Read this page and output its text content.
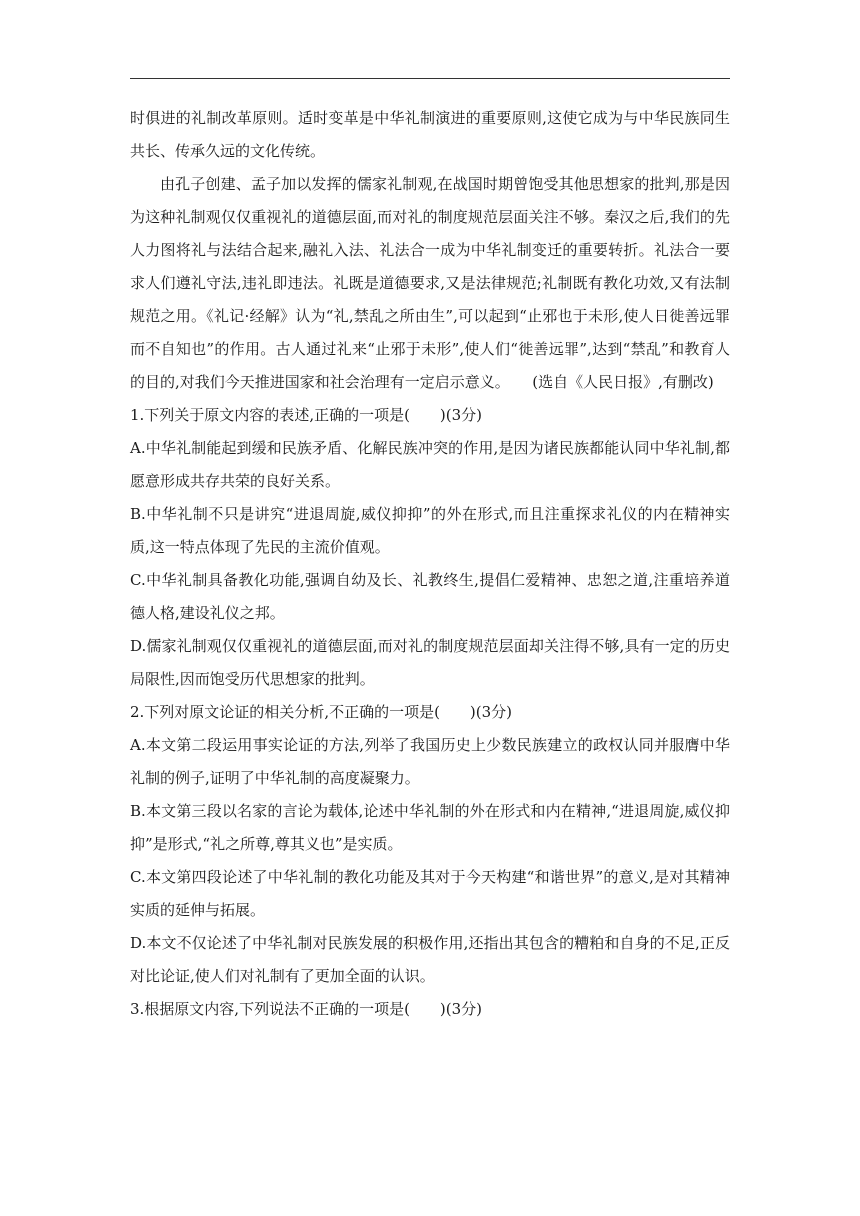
时俱进的礼制改革原则。适时变革是中华礼制演进的重要原则,这使它成为与中华民族同生共长、传承久远的文化传统。

由孔子创建、孟子加以发挥的儒家礼制观,在战国时期曾饱受其他思想家的批判,那是因为这种礼制观仅仅重视礼的道德层面,而对礼的制度规范层面关注不够。秦汉之后,我们的先人力图将礼与法结合起来,融礼入法、礼法合一成为中华礼制变迁的重要转折。礼法合一要求人们遵礼守法,违礼即违法。礼既是道德要求,又是法律规范;礼制既有教化功效,又有法制规范之用。《礼记·经解》认为“礼,禁乱之所由生”,可以起到“止邪也于未形,使人日徙善远罪而不自知也”的作用。古人通过礼来“止邪于未形”,使人们“徙善远罪”,达到“禁乱”和教育人的目的,对我们今天推进国家和社会治理有一定启示意义。　　(选自《人民日报》,有删改)

1.下列关于原文内容的表述,正确的一项是(　　)(3分)

A.中华礼制能起到缓和民族矛盾、化解民族冲突的作用,是因为诸民族都能认同中华礼制,都愿意形成共存共荣的良好关系。

B.中华礼制不只是讲究“进退周旋,威仪抑抑”的外在形式,而且注重探求礼仪的内在精神实质,这一特点体现了先民的主流价值观。

C.中华礼制具备教化功能,强调自幼及长、礼教终生,提倡仁爱精神、忠恕之道,注重培养道德人格,建设礼仪之邦。

D.儒家礼制观仅仅重视礼的道德层面,而对礼的制度规范层面却关注得不够,具有一定的历史局限性,因而饱受历代思想家的批判。

2.下列对原文论证的相关分析,不正确的一项是(　　)(3分)

A.本文第二段运用事实论证的方法,列举了我国历史上少数民族建立的政权认同并服膺中华礼制的例子,证明了中华礼制的高度凝聚力。

B.本文第三段以名家的言论为载体,论述中华礼制的外在形式和内在精神,“进退周旋,威仪抑抑”是形式,“礼之所尊,尊其义也”是实质。

C.本文第四段论述了中华礼制的教化功能及其对于今天构建“和谐世界”的意义,是对其精神实质的延伸与拓展。

D.本文不仅论述了中华礼制对民族发展的积极作用,还指出其包含的糟粕和自身的不足,正反对比论证,使人们对礼制有了更加全面的认识。

3.根据原文内容,下列说法不正确的一项是(　　)(3分)
